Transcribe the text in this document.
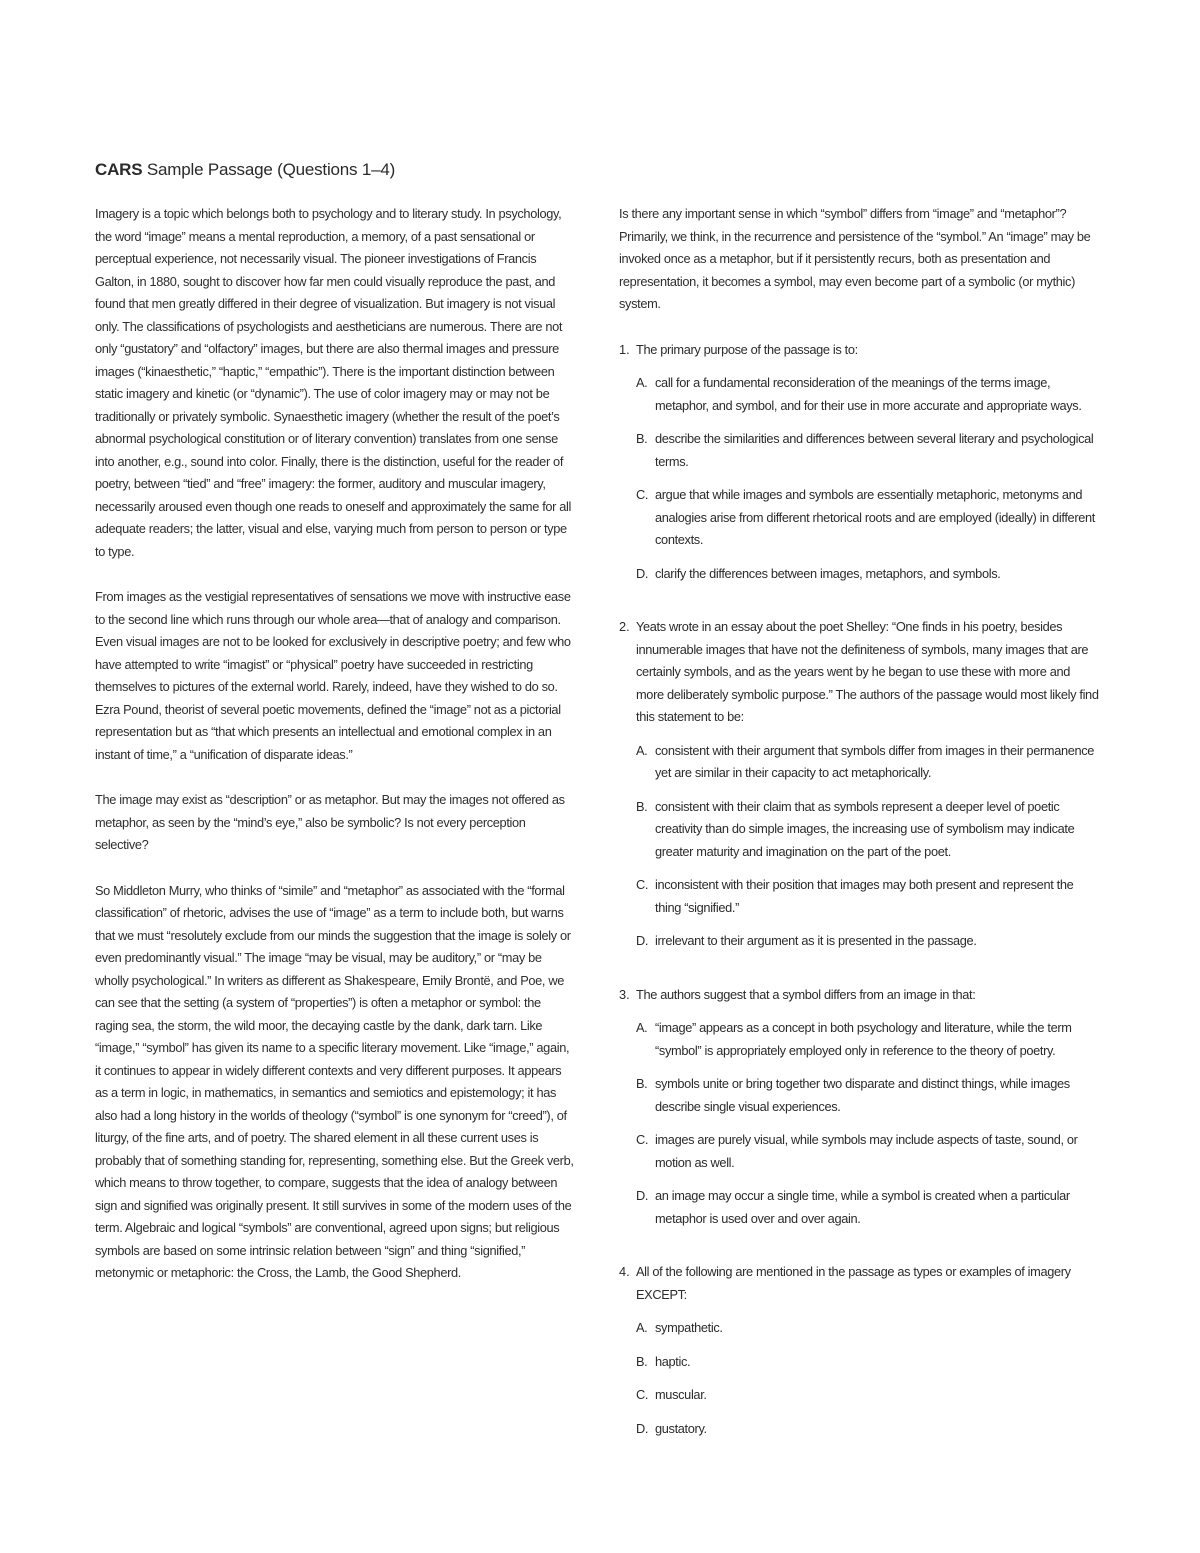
CARS Sample Passage (Questions 1–4)

Imagery is a topic which belongs both to psychology and to literary study. In psychology, the word “image” means a mental reproduction, a memory, of a past sensational or perceptual experience, not necessarily visual. The pioneer investigations of Francis Galton, in 1880, sought to discover how far men could visually reproduce the past, and found that men greatly differed in their degree of visualization. But imagery is not visual only. The classifications of psychologists and aestheticians are numerous. There are not only “gustatory” and “olfactory” images, but there are also thermal images and pressure images (“kinaesthetic,” “haptic,” “empathic”). There is the important distinction between static imagery and kinetic (or “dynamic”). The use of color imagery may or may not be traditionally or privately symbolic. Synaesthetic imagery (whether the result of the poet’s abnormal psychological constitution or of literary convention) translates from one sense into another, e.g., sound into color. Finally, there is the distinction, useful for the reader of poetry, between “tied” and “free” imagery: the former, auditory and muscular imagery, necessarily aroused even though one reads to oneself and approximately the same for all adequate readers; the latter, visual and else, varying much from person to person or type to type.

From images as the vestigial representatives of sensations we move with instructive ease to the second line which runs through our whole area—that of analogy and comparison. Even visual images are not to be looked for exclusively in descriptive poetry; and few who have attempted to write “imagist” or “physical” poetry have succeeded in restricting themselves to pictures of the external world. Rarely, indeed, have they wished to do so. Ezra Pound, theorist of several poetic movements, defined the “image” not as a pictorial representation but as “that which presents an intellectual and emotional complex in an instant of time,” a “unification of disparate ideas.”

The image may exist as “description” or as metaphor. But may the images not offered as metaphor, as seen by the “mind’s eye,” also be symbolic? Is not every perception selective?

So Middleton Murry, who thinks of “simile” and “metaphor” as associated with the “formal classification” of rhetoric, advises the use of “image” as a term to include both, but warns that we must “resolutely exclude from our minds the suggestion that the image is solely or even predominantly visual.” The image “may be visual, may be auditory,” or “may be wholly psychological.” In writers as different as Shakespeare, Emily Brontë, and Poe, we can see that the setting (a system of “properties”) is often a metaphor or symbol: the raging sea, the storm, the wild moor, the decaying castle by the dank, dark tarn. Like “image,” “symbol” has given its name to a specific literary movement. Like “image,” again, it continues to appear in widely different contexts and very different purposes. It appears as a term in logic, in mathematics, in semantics and semiotics and epistemology; it has also had a long history in the worlds of theology (“symbol” is one synonym for “creed”), of liturgy, of the fine arts, and of poetry. The shared element in all these current uses is probably that of something standing for, representing, something else. But the Greek verb, which means to throw together, to compare, suggests that the idea of analogy between sign and signified was originally present. It still survives in some of the modern uses of the term. Algebraic and logical “symbols” are conventional, agreed upon signs; but religious symbols are based on some intrinsic relation between “sign” and thing “signified,” metonymic or metaphoric: the Cross, the Lamb, the Good Shepherd.

Is there any important sense in which “symbol” differs from “image” and “metaphor”? Primarily, we think, in the recurrence and persistence of the “symbol.” An “image” may be invoked once as a metaphor, but if it persistently recurs, both as presentation and representation, it becomes a symbol, may even become part of a symbolic (or mythic) system.

1. The primary purpose of the passage is to:
A. call for a fundamental reconsideration of the meanings of the terms image, metaphor, and symbol, and for their use in more accurate and appropriate ways.
B. describe the similarities and differences between several literary and psychological terms.
C. argue that while images and symbols are essentially metaphoric, metonyms and analogies arise from different rhetorical roots and are employed (ideally) in different contexts.
D. clarify the differences between images, metaphors, and symbols.
2. Yeats wrote in an essay about the poet Shelley: “One finds in his poetry, besides innumerable images that have not the definiteness of symbols, many images that are certainly symbols, and as the years went by he began to use these with more and more deliberately symbolic purpose.” The authors of the passage would most likely find this statement to be:
A. consistent with their argument that symbols differ from images in their permanence yet are similar in their capacity to act metaphorically.
B. consistent with their claim that as symbols represent a deeper level of poetic creativity than do simple images, the increasing use of symbolism may indicate greater maturity and imagination on the part of the poet.
C. inconsistent with their position that images may both present and represent the thing “signified.”
D. irrelevant to their argument as it is presented in the passage.
3. The authors suggest that a symbol differs from an image in that:
A. “image” appears as a concept in both psychology and literature, while the term “symbol” is appropriately employed only in reference to the theory of poetry.
B. symbols unite or bring together two disparate and distinct things, while images describe single visual experiences.
C. images are purely visual, while symbols may include aspects of taste, sound, or motion as well.
D. an image may occur a single time, while a symbol is created when a particular metaphor is used over and over again.
4. All of the following are mentioned in the passage as types or examples of imagery EXCEPT:
A. sympathetic.
B. haptic.
C. muscular.
D. gustatory.
